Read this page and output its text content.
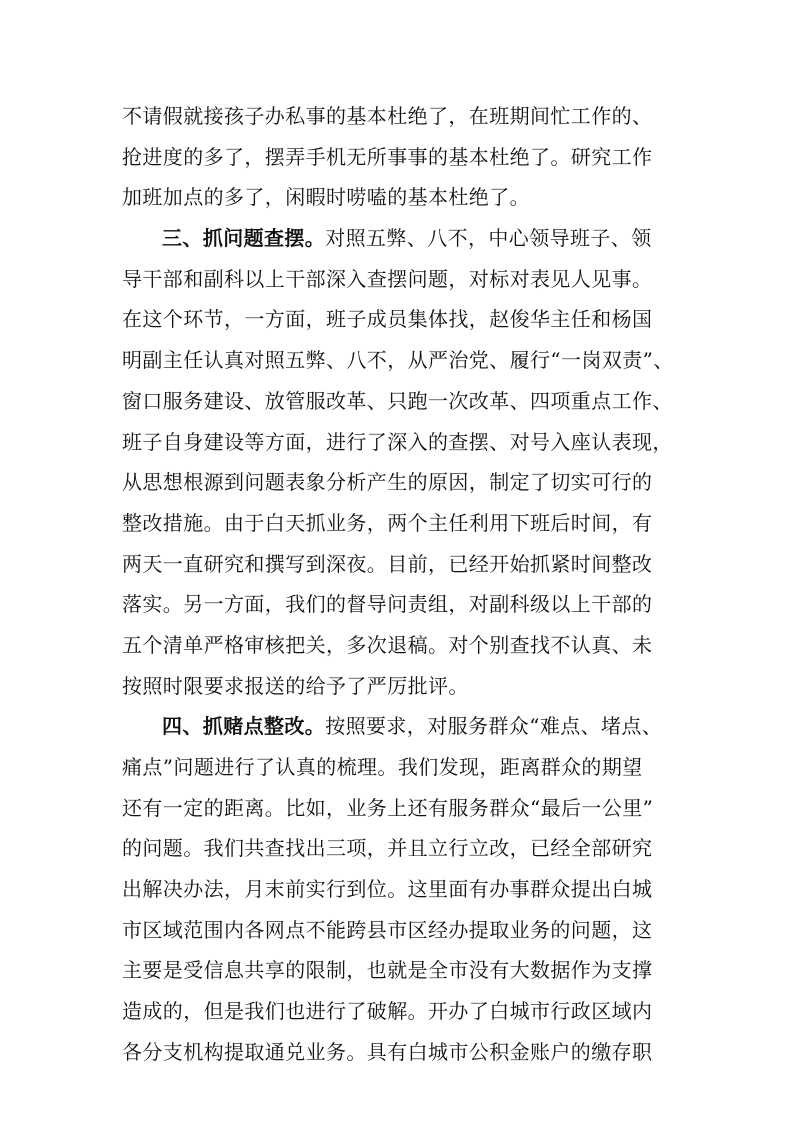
不请假就接孩子办私事的基本杜绝了，在班期间忙工作的、
抢进度的多了，摆弄手机无所事事的基本杜绝了。研究工作
加班加点的多了，闲暇时唠嗑的基本杜绝了。
三、抓问题查摆。对照五弊、八不，中心领导班子、领
导干部和副科以上干部深入查摆问题，对标对表见人见事。
在这个环节，一方面，班子成员集体找，赵俊华主任和杨国
明副主任认真对照五弊、八不，从严治党、履行“一岗双责”、
窗口服务建设、放管服改革、只跑一次改革、四项重点工作、
班子自身建设等方面，进行了深入的查摆、对号入座认表现，
从思想根源到问题表象分析产生的原因，制定了切实可行的
整改措施。由于白天抓业务，两个主任利用下班后时间，有
两天一直研究和撰写到深夜。目前，已经开始抓紧时间整改
落实。另一方面，我们的督导问责组，对副科级以上干部的
五个清单严格审核把关，多次退稿。对个别查找不认真、未
按照时限要求报送的给予了严厉批评。
四、抓赌点整改。按照要求，对服务群众“难点、堵点、
痛点”问题进行了认真的梳理。我们发现，距离群众的期望
还有一定的距离。比如，业务上还有服务群众“最后一公里”
的问题。我们共查找出三项，并且立行立改，已经全部研究
出解决办法，月末前实行到位。这里面有办事群众提出白城
市区域范围内各网点不能跨县市区经办提取业务的问题，这
主要是受信息共享的限制，也就是全市没有大数据作为支撑
造成的，但是我们也进行了破解。开办了白城市行政区域内
各分支机构提取通兑业务。具有白城市公积金账户的缴存职
